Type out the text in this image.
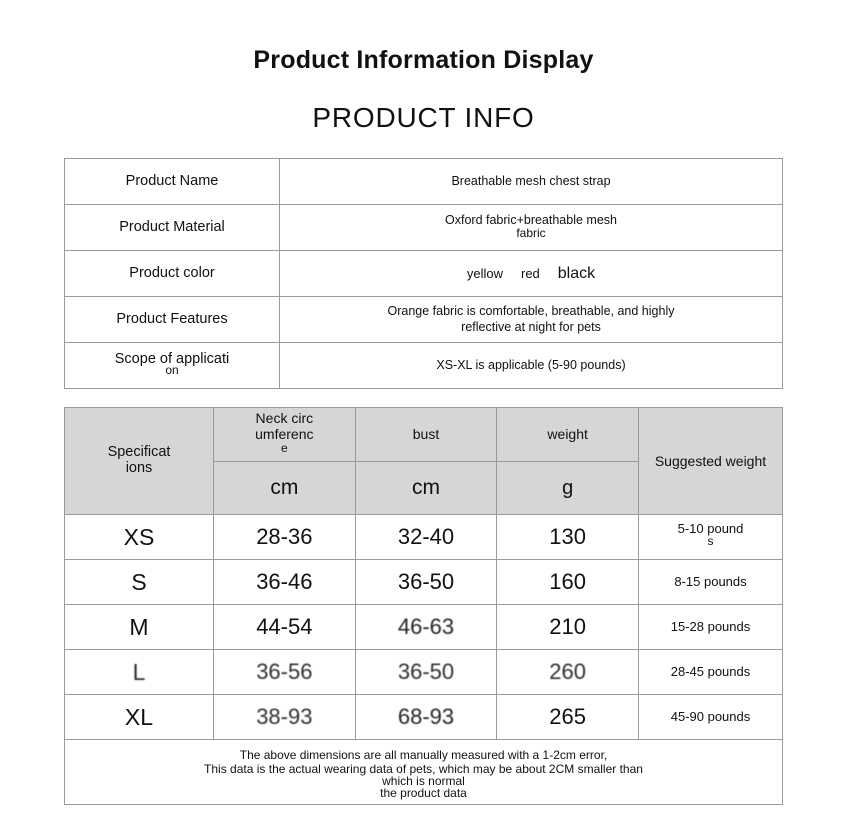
Product Information Display
PRODUCT INFO
Product Name	Breathable mesh chest strap
Product Material	Oxford fabric+breathable mesh
fabric

Product color	yellow red black

Product Features	Orange fabric is comfortable, breathable, and highly
reflective at night for pets

Scope of applicati
on	XS-XL is applicable (5-90 pounds)
Specificat
ions	Neck circ
umferenc
e	bust	weight	Suggested weight
	cm	cm	g	
XS	28-36	32-40	130	5-10 pound
s
S	36-46	36-50	160	8-15 pounds
M	44-54	46-63	210	15-28 pounds
L	36-56	36-50	260	28-45 pounds
XL	38-93	68-93	265	45-90 pounds

The above dimensions are all manually measured with a 1-2cm error,
This data is the actual wearing data of pets, which may be about 2CM smaller than
which is normal
the product data				
